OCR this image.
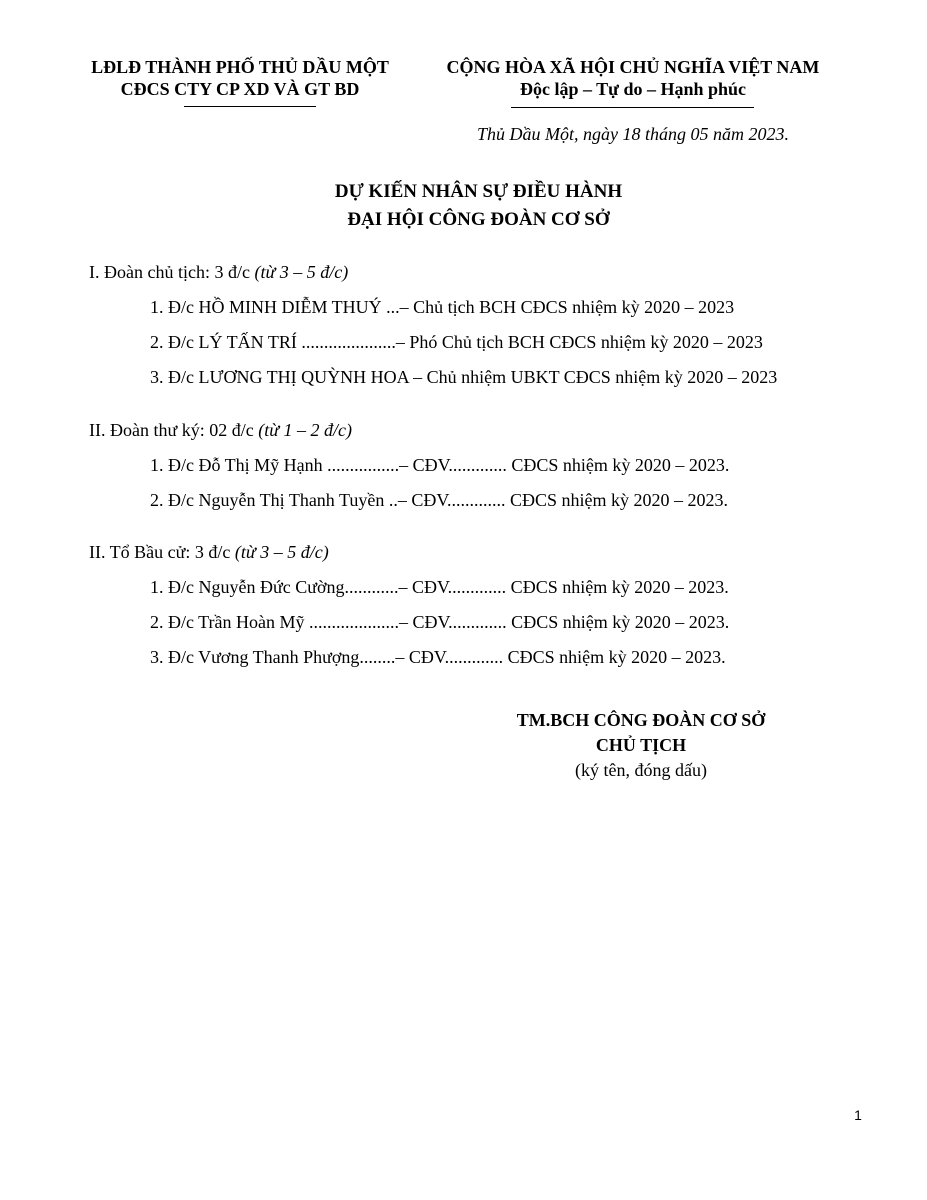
LĐLĐ THÀNH PHỐ THỦ DẦU MỘT
CĐCS CTY CP XD VÀ GT BD
CỘNG HÒA XÃ HỘI CHỦ NGHĨA VIỆT NAM
Độc lập – Tự do – Hạnh phúc
Thủ Dầu Một, ngày 18 tháng 05 năm 2023.
DỰ KIẾN NHÂN SỰ ĐIỀU HÀNH
ĐẠI HỘI CÔNG ĐOÀN CƠ SỞ
I. Đoàn chủ tịch: 3 đ/c (từ 3 – 5 đ/c)
1. Đ/c HỒ MINH DIỄM THUÝ ...– Chủ tịch BCH CĐCS nhiệm kỳ 2020 – 2023
2. Đ/c LÝ TẤN TRÍ .....................– Phó Chủ tịch BCH CĐCS nhiệm kỳ 2020 – 2023
3. Đ/c LƯƠNG THỊ QUỲNH HOA – Chủ nhiệm UBKT CĐCS nhiệm kỳ 2020 – 2023
II. Đoàn thư ký: 02 đ/c (từ 1 – 2 đ/c)
1. Đ/c Đỗ Thị Mỹ Hạnh ................– CĐV............. CĐCS nhiệm kỳ 2020 – 2023.
2. Đ/c Nguyễn Thị Thanh Tuyền ..– CĐV............. CĐCS nhiệm kỳ 2020 – 2023.
II. Tổ Bầu cử: 3 đ/c (từ 3 – 5 đ/c)
1. Đ/c Nguyễn Đức Cường............– CĐV............. CĐCS nhiệm kỳ 2020 – 2023.
2. Đ/c Trần Hoàn Mỹ ....................– CĐV............. CĐCS nhiệm kỳ 2020 – 2023.
3. Đ/c Vương Thanh Phượng........– CĐV............. CĐCS nhiệm kỳ 2020 – 2023.
TM.BCH CÔNG ĐOÀN CƠ SỞ
CHỦ TỊCH
(ký tên, đóng dấu)
1
